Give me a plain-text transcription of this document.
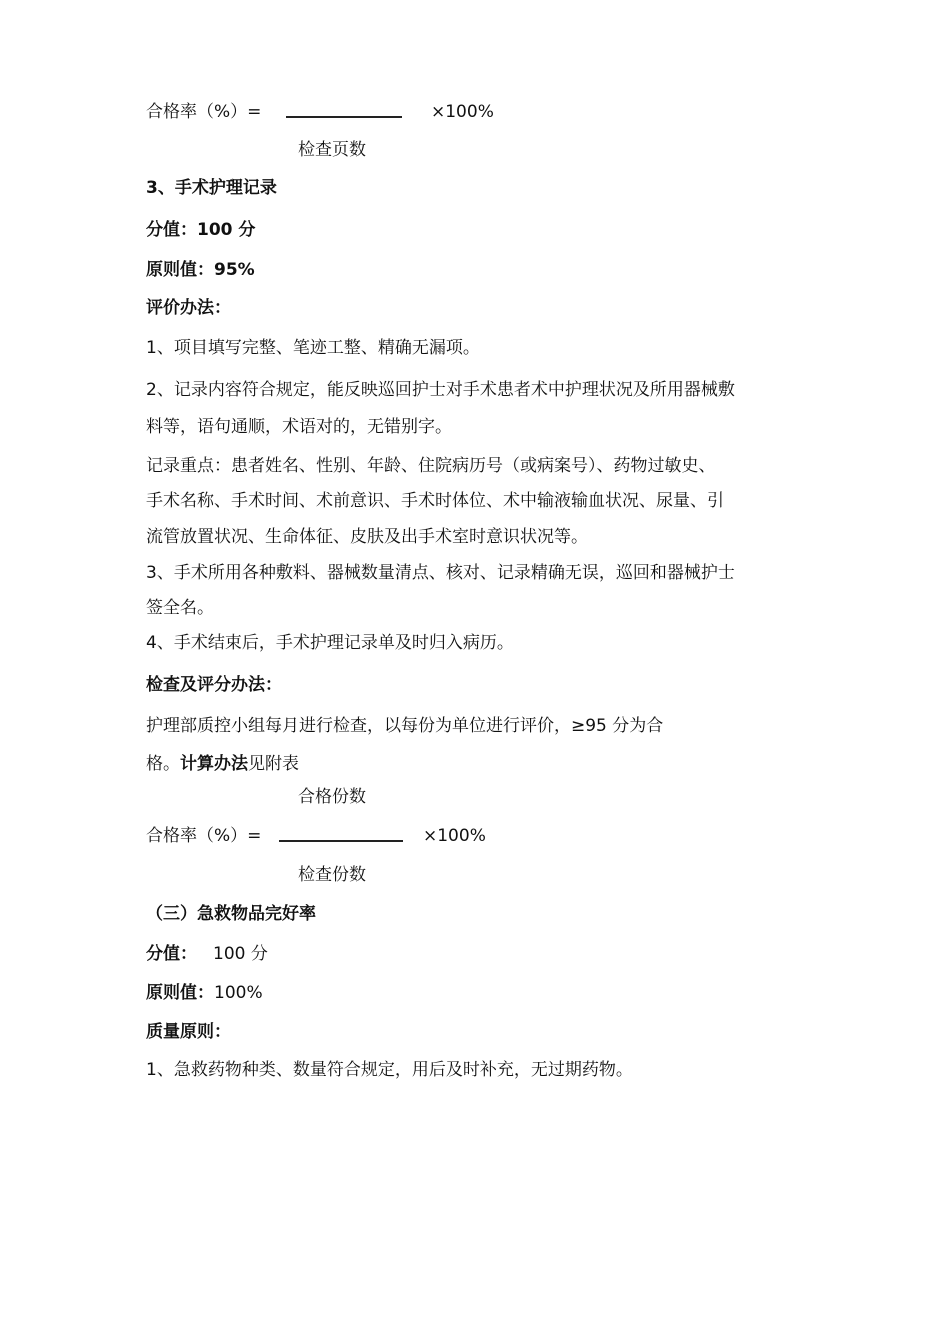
合格率（%）=	×100%
检查页数
3、手术护理记录
分值：100 分
原则值：95%
评价办法：
1、项目填写完整、笔迹工整、精确无漏项。
2、记录内容符合规定，能反映巡回护士对手术患者术中护理状况及所用器械敷
料等，语句通顺，术语对的，无错别字。
记录重点：患者姓名、性别、年龄、住院病历号（或病案号）、药物过敏史、
手术名称、手术时间、术前意识、手术时体位、术中输液输血状况、尿量、引
流管放置状况、生命体征、皮肤及出手术室时意识状况等。
3、手术所用各种敷料、器械数量清点、核对、记录精确无误，巡回和器械护士
签全名。
4、手术结束后，手术护理记录单及时归入病历。
检查及评分办法：
护理部质控小组每月进行检查，以每份为单位进行评价，≥95 分为合
格。计算办法见附表
合格份数
合格率（%）=	×100%
检查份数
（三）急救物品完好率
分值： 100 分
原则值：100%
质量原则：
1、急救药物种类、数量符合规定，用后及时补充，无过期药物。
